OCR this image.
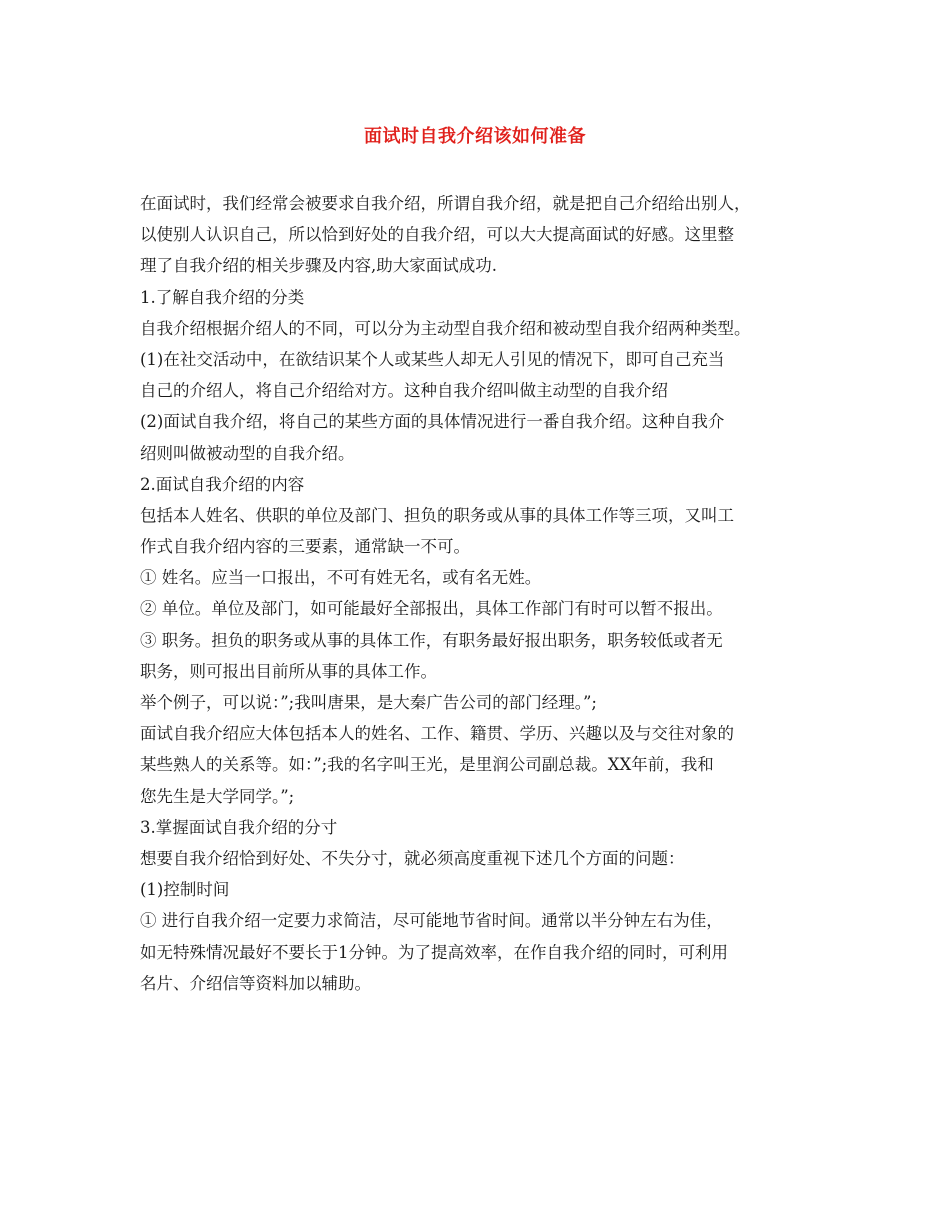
面试时自我介绍该如何准备
在面试时，我们经常会被要求自我介绍，所谓自我介绍，就是把自己介绍给出别人，
以使别人认识自己，所以恰到好处的自我介绍，可以大大提高面试的好感。这里整
理了自我介绍的相关步骤及内容,助大家面试成功.
1.了解自我介绍的分类
自我介绍根据介绍人的不同，可以分为主动型自我介绍和被动型自我介绍两种类型。
(1)在社交活动中，在欲结识某个人或某些人却无人引见的情况下，即可自己充当
自己的介绍人，将自己介绍给对方。这种自我介绍叫做主动型的自我介绍
(2)面试自我介绍，将自己的某些方面的具体情况进行一番自我介绍。这种自我介
绍则叫做被动型的自我介绍。
2.面试自我介绍的内容
包括本人姓名、供职的单位及部门、担负的职务或从事的具体工作等三项，又叫工
作式自我介绍内容的三要素，通常缺一不可。
① 姓名。应当一口报出，不可有姓无名，或有名无姓。
② 单位。单位及部门，如可能最好全部报出，具体工作部门有时可以暂不报出。
③ 职务。担负的职务或从事的具体工作，有职务最好报出职务，职务较低或者无
职务，则可报出目前所从事的具体工作。
举个例子，可以说：”;我叫唐果，是大秦广告公司的部门经理。”;
面试自我介绍应大体包括本人的姓名、工作、籍贯、学历、兴趣以及与交往对象的
某些熟人的关系等。如：”;我的名字叫王光，是里润公司副总裁。XX年前，我和
您先生是大学同学。”;
3.掌握面试自我介绍的分寸
想要自我介绍恰到好处、不失分寸，就必须高度重视下述几个方面的问题：
(1)控制时间
① 进行自我介绍一定要力求简洁，尽可能地节省时间。通常以半分钟左右为佳，
如无特殊情况最好不要长于1分钟。为了提高效率，在作自我介绍的同时，可利用
名片、介绍信等资料加以辅助。
